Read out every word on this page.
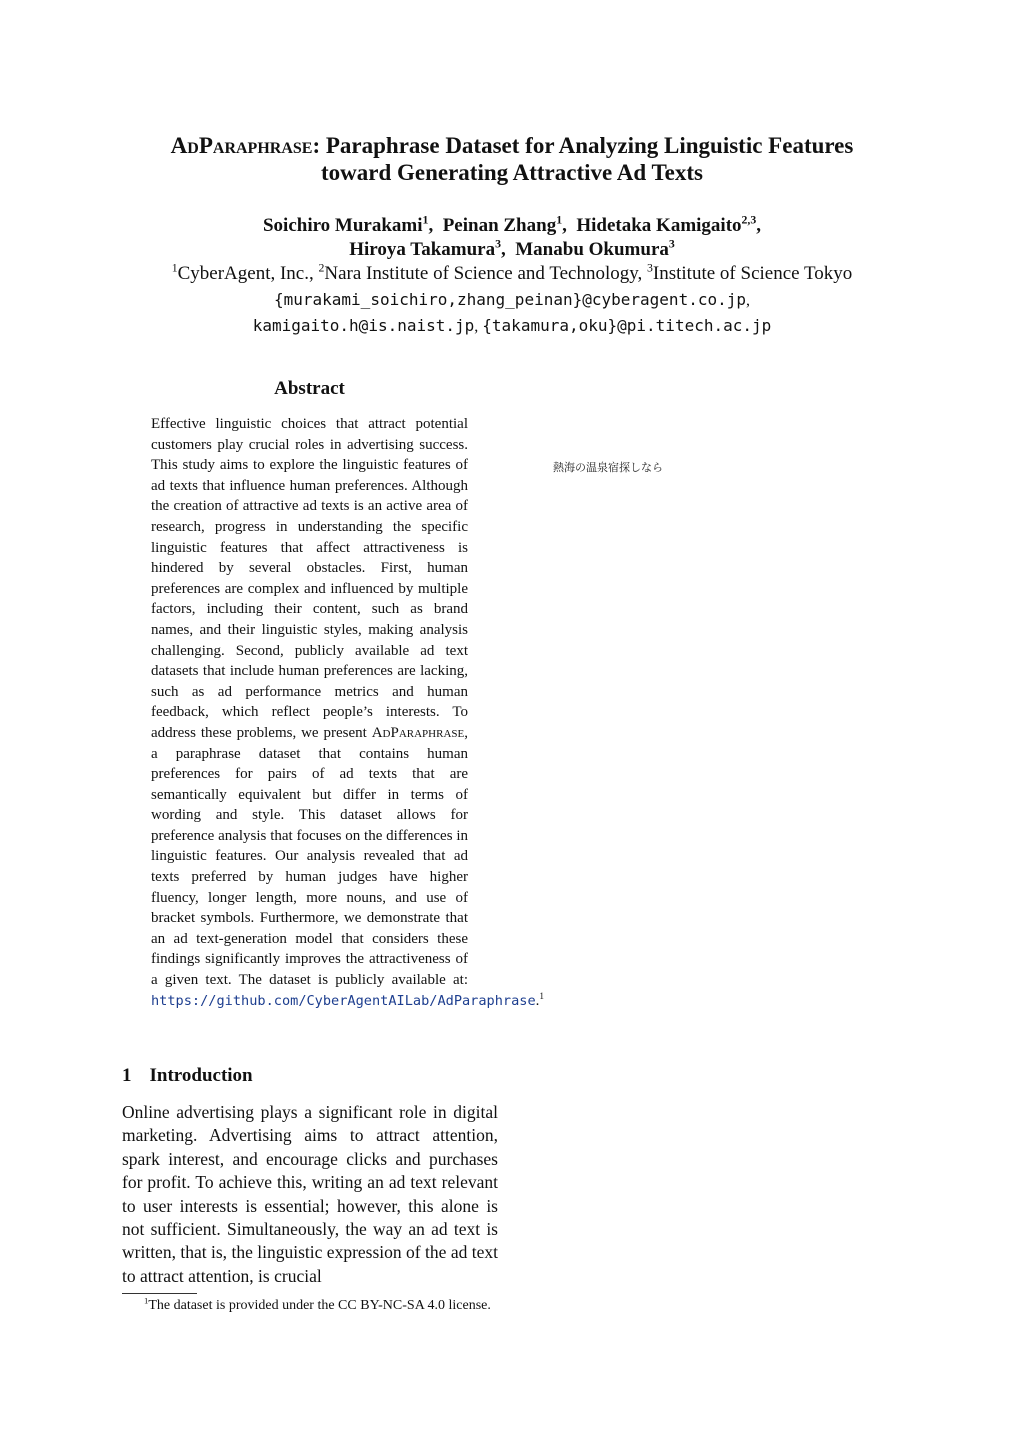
AdParaphrase: Paraphrase Dataset for Analyzing Linguistic Features
toward Generating Attractive Ad Texts
Soichiro Murakami$^1$,  Peinan Zhang$^1$,  Hidetaka Kamigaito$^{2,3}$,
Hiroya Takamura$^3$,  Manabu Okumura$^3$
$^1$CyberAgent, Inc., $^2$Nara Institute of Science and Technology, $^3$Institute of Science Tokyo
{murakami_soichiro,zhang_peinan}@cyberagent.co.jp,
kamigaito.h@is.naist.jp, {takamura,oku}@pi.titech.ac.jp
Abstract
Effective linguistic choices that attract potential customers play crucial roles in advertising success. This study aims to explore the linguistic features of ad texts that influence human preferences. Although the creation of attractive ad texts is an active area of research, progress in understanding the specific linguistic features that affect attractiveness is hindered by several obstacles. First, human preferences are complex and influenced by multiple factors, including their content, such as brand names, and their linguistic styles, making analysis challenging. Second, publicly available ad text datasets that include human preferences are lacking, such as ad performance metrics and human feedback, which reflect people’s interests. To address these problems, we present AdParaphrase, a paraphrase dataset that contains human preferences for pairs of ad texts that are semantically equivalent but differ in terms of wording and style. This dataset allows for preference analysis that focuses on the differences in linguistic features. Our analysis revealed that ad texts preferred by human judges have higher fluency, longer length, more nouns, and use of bracket symbols. Furthermore, we demonstrate that an ad text-generation model that considers these findings significantly improves the attractiveness of a given text. The dataset is publicly available at: https://github.com/CyberAgentAILab/AdParaphrase.$^1$
熱海の温泉宿探しなら
1 Introduction
Online advertising plays a significant role in digital marketing. Advertising aims to attract attention, spark interest, and encourage clicks and purchases for profit. To achieve this, writing an ad text relevant to user interests is essential; however, this alone is not sufficient. Simultaneously, the way an ad text is written, that is, the linguistic expression of the ad text to attract attention, is crucial
$^1$The dataset is provided under the CC BY-NC-SA 4.0 license.
